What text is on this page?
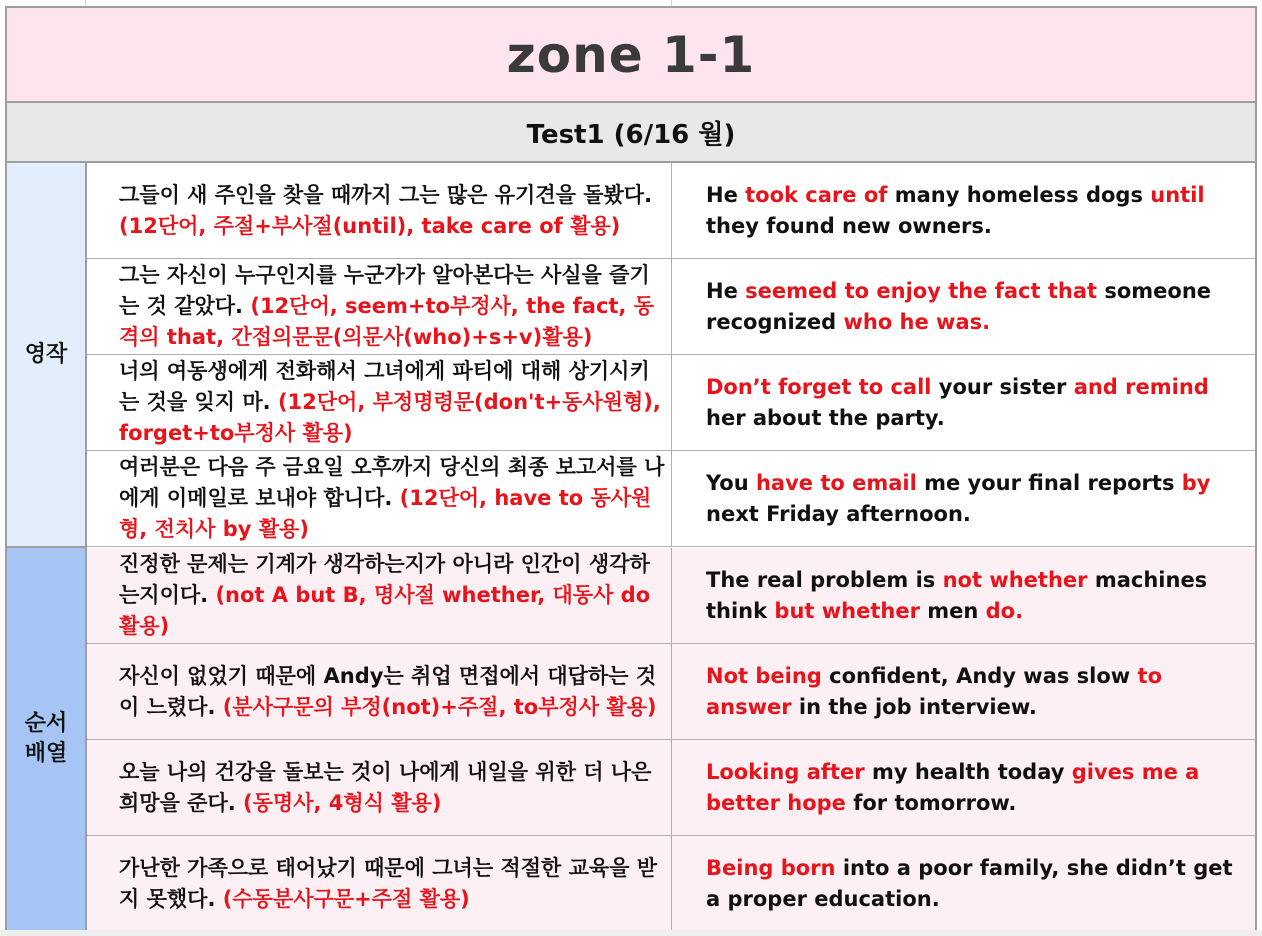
zone 1-1
Test1 (6/16 월)
영작
순서
배열
그들이 새 주인을 찾을 때까지 그는 많은 유기견을 돌봤다. (12단어, 주절+부사절(until), take care of 활용)
He took care of many homeless dogs until they found new owners.
그는 자신이 누구인지를 누군가가 알아본다는 사실을 즐기는 것 같았다. (12단어, seem+to부정사, the fact, 동격의 that, 간접의문문(의문사(who)+s+v)활용)
He seemed to enjoy the fact that someone recognized who he was.
너의 여동생에게 전화해서 그녀에게 파티에 대해 상기시키는 것을 잊지 마. (12단어, 부정명령문(don't+동사원형), forget+to부정사 활용)
Don’t forget to call your sister and remind her about the party.
여러분은 다음 주 금요일 오후까지 당신의 최종 보고서를 나에게 이메일로 보내야 합니다. (12단어, have to 동사원형, 전치사 by 활용)
You have to email me your final reports by next Friday afternoon.
진정한 문제는 기계가 생각하는지가 아니라 인간이 생각하는지이다. (not A but B, 명사절 whether, 대동사 do 활용)
The real problem is not whether machines think but whether men do.
자신이 없었기 때문에 Andy는 취업 면접에서 대답하는 것이 느렸다. (분사구문의 부정(not)+주절, to부정사 활용)
Not being confident, Andy was slow to answer in the job interview.
오늘 나의 건강을 돌보는 것이 나에게 내일을 위한 더 나은 희망을 준다. (동명사, 4형식 활용)
Looking after my health today gives me a better hope for tomorrow.
가난한 가족으로 태어났기 때문에 그녀는 적절한 교육을 받지 못했다. (수동분사구문+주절 활용)
Being born into a poor family, she didn’t get a proper education.
